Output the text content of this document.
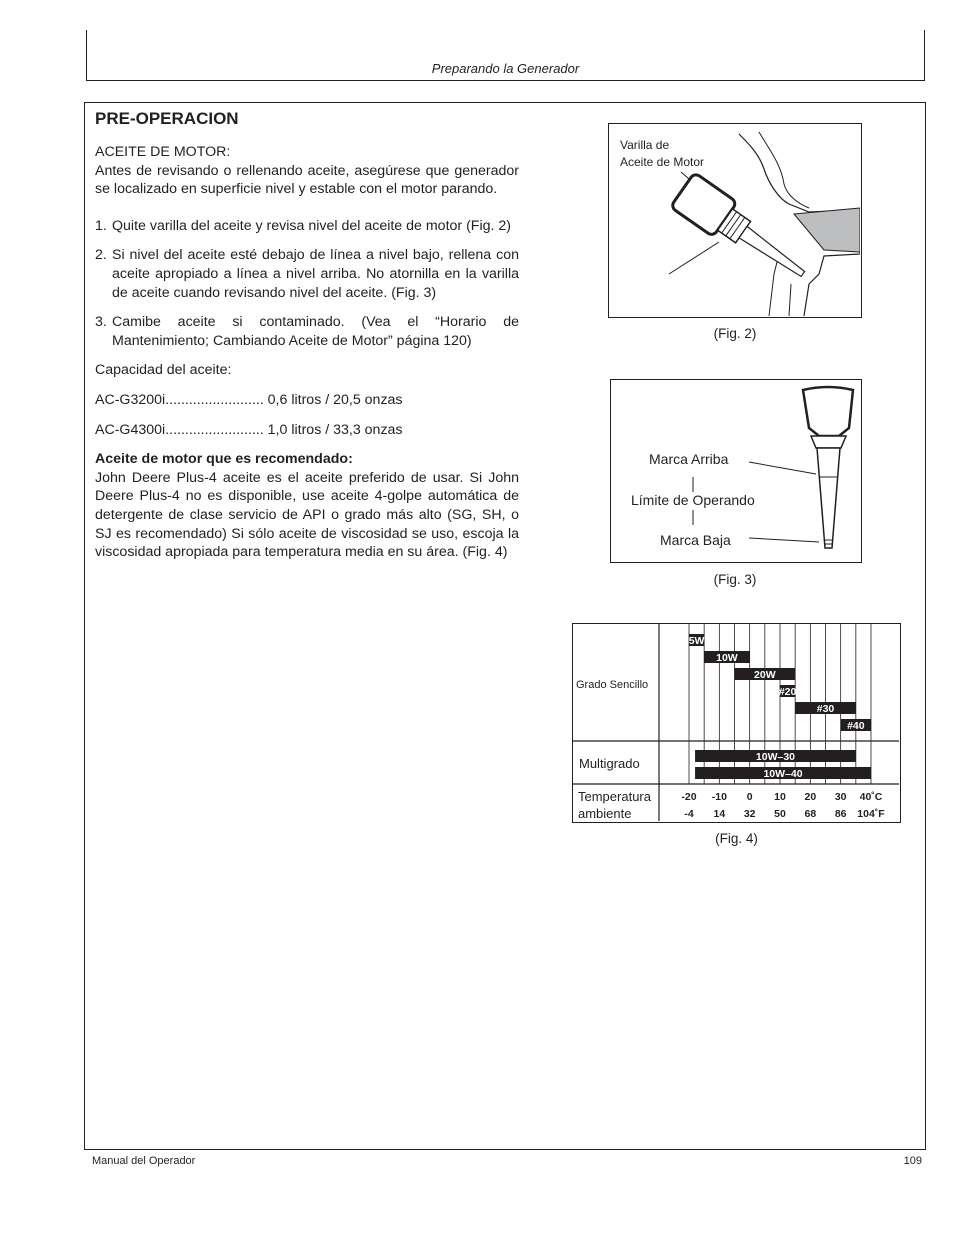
Preparando la Generador
PRE-OPERACION

ACEITE DE MOTOR:

Antes de revisando o rellenando aceite, asegúrese que generador se localizado en superficie nivel y estable con el motor parando.

1. Quite varilla del aceite y revisa nivel del aceite de motor (Fig. 2)
2. Si nivel del aceite esté debajo de línea a nivel bajo, rellena con aceite apropiado a línea a nivel arriba. No atornilla en la varilla de aceite cuando revisando nivel del aceite. (Fig. 3)
3. Camibe aceite si contaminado. (Vea el “Horario de Mantenimiento; Cambiando Aceite de Motor” página 120)

Capacidad del aceite:

AC-G3200i......................... 0,6 litros / 20,5 onzas

AC-G4300i......................... 1,0 litros / 33,3 onzas

Aceite de motor que es recomendado:

John Deere Plus-4 aceite es el aceite preferido de usar. Si John Deere Plus-4 no es disponible, use aceite 4-golpe automática de detergente de clase servicio de API o grado más alto (SG, SH, o SJ es recomendado) Si sólo aceite de viscosidad se uso, escoja la viscosidad apropiada para temperatura media en su área. (Fig. 4)

Varilla de
Aceite de Motor
(Fig. 2)
Marca Arriba
Límite de Operando
Marca Baja
(Fig. 3)
Grado Sencillo
Multigrado
Temperatura
ambiente
5W
10W
20W
#20
#30
#40
10W–30
10W–40
-20 -10 0 10 20 30 40˚C
-4 14 32 50 68 86 104˚F
(Fig. 4)
Manual del Operador	109
